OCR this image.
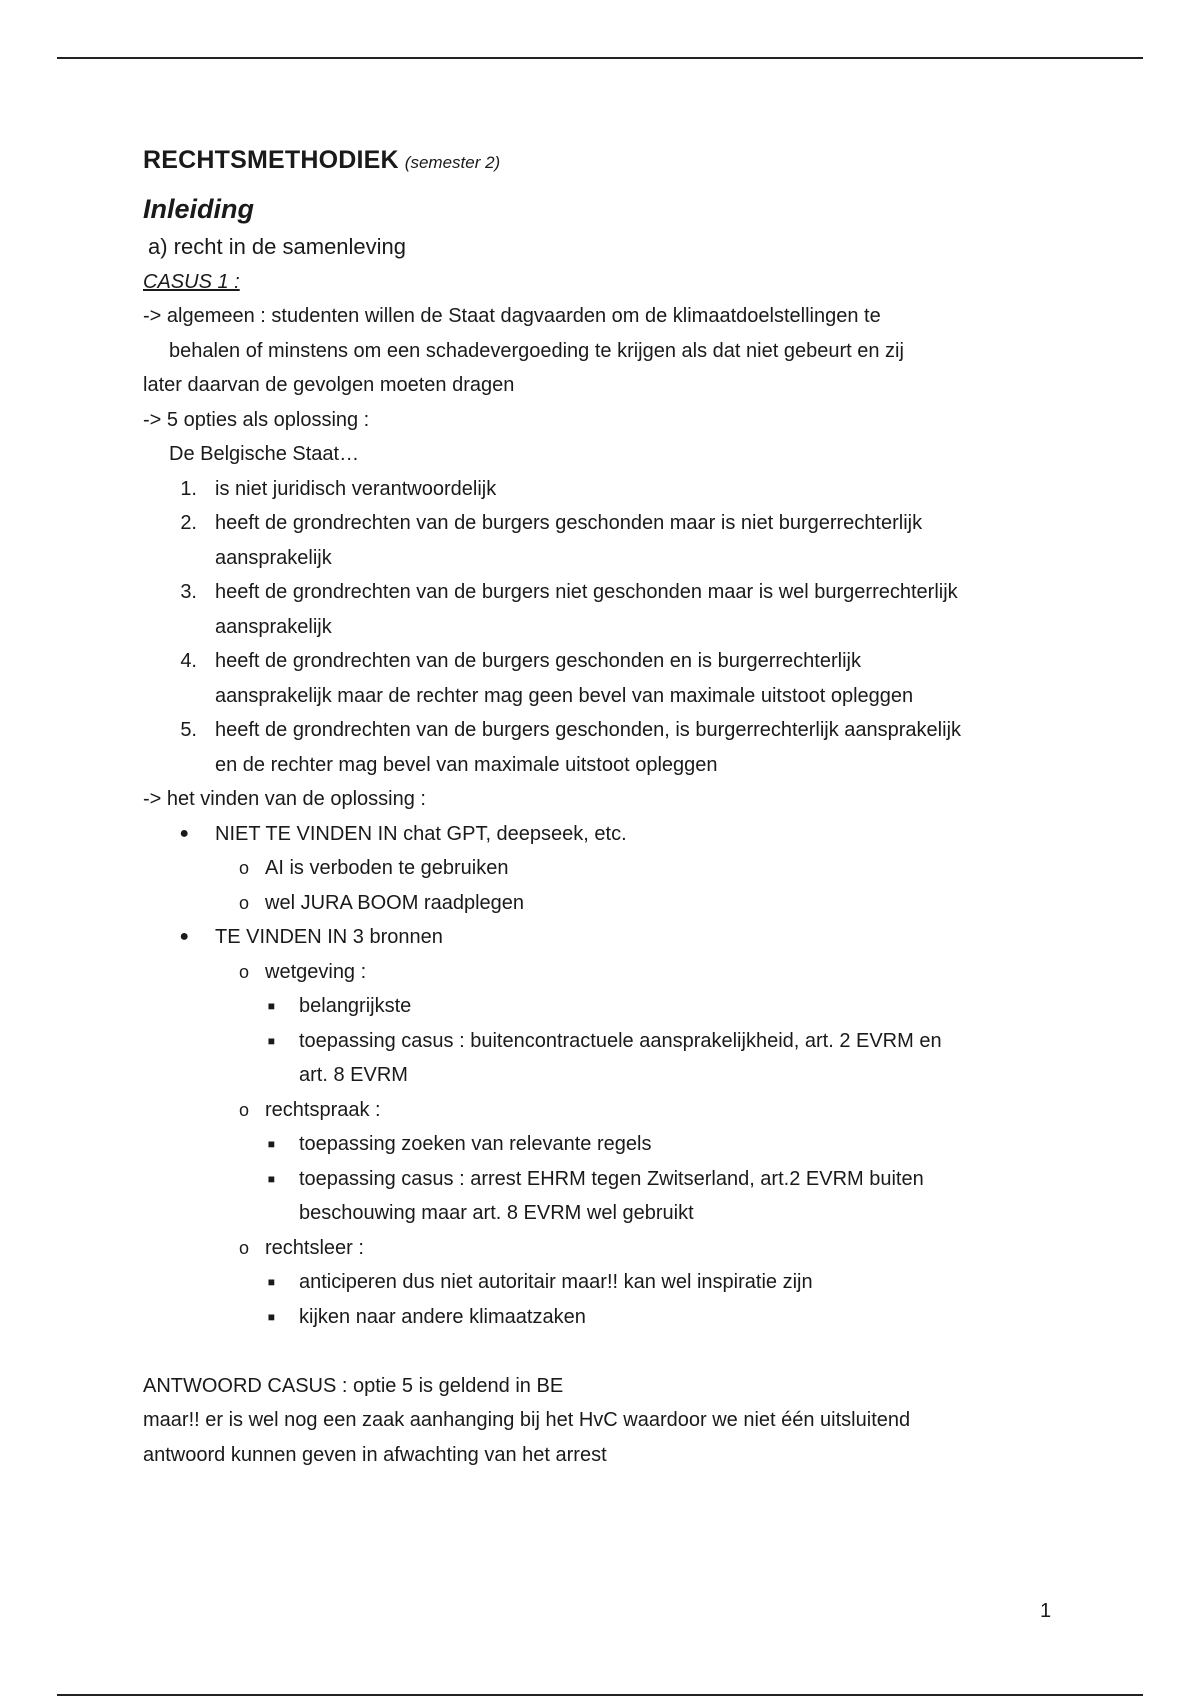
RECHTSMETHODIEK (semester 2)
Inleiding
a) recht in de samenleving
CASUS 1 :
-> algemeen : studenten willen de Staat dagvaarden om de klimaatdoelstellingen te
behalen of minstens om een schadevergoeding te krijgen als dat niet gebeurt en zij
later daarvan de gevolgen moeten dragen
-> 5 opties als oplossing :
De Belgische Staat…
1. is niet juridisch verantwoordelijk
2. heeft de grondrechten van de burgers geschonden maar is niet burgerrechterlijk
aansprakelijk
3. heeft de grondrechten van de burgers niet geschonden maar is wel burgerrechterlijk
aansprakelijk
4. heeft de grondrechten van de burgers geschonden en is burgerrechterlijk
aansprakelijk maar de rechter mag geen bevel van maximale uitstoot opleggen
5. heeft de grondrechten van de burgers geschonden, is burgerrechterlijk aansprakelijk
en de rechter mag bevel van maximale uitstoot opleggen
-> het vinden van de oplossing :
●	NIET TE VINDEN IN chat GPT, deepseek, etc.
o AI is verboden te gebruiken
o wel JURA BOOM raadplegen
●	TE VINDEN IN 3 bronnen
o wetgeving :
■	belangrijkste
■	toepassing casus : buitencontractuele aansprakelijkheid, art. 2 EVRM en
art. 8 EVRM
o rechtspraak :
■	toepassing zoeken van relevante regels
■	toepassing casus : arrest EHRM tegen Zwitserland, art.2 EVRM buiten
beschouwing maar art. 8 EVRM wel gebruikt
o rechtsleer :
■	anticiperen dus niet autoritair maar!! kan wel inspiratie zijn
■	kijken naar andere klimaatzaken
ANTWOORD CASUS : optie 5 is geldend in BE
maar!! er is wel nog een zaak aanhanging bij het HvC waardoor we niet één uitsluitend
antwoord kunnen geven in afwachting van het arrest
1
